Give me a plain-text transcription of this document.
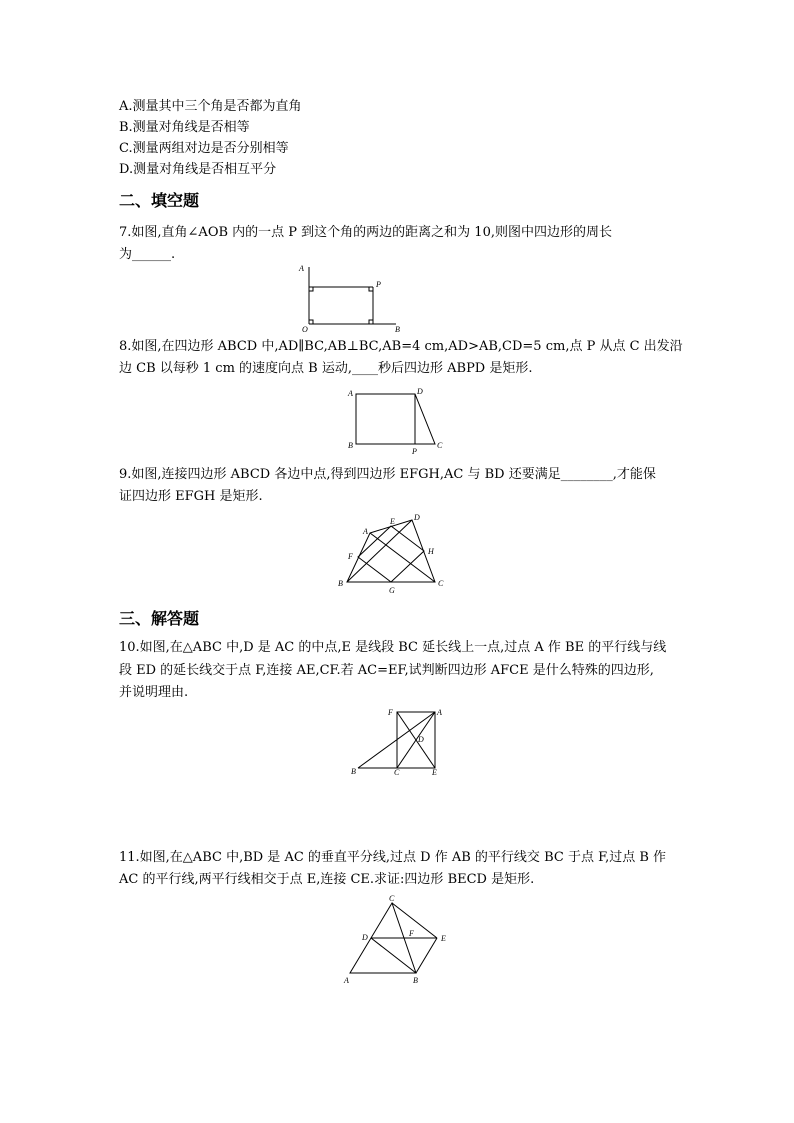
A.测量其中三个角是否都为直角
B.测量对角线是否相等
C.测量两组对边是否分别相等
D.测量对角线是否相互平分
二、填空题
7.如图,直角∠AOB 内的一点 P 到这个角的两边的距离之和为 10,则图中四边形的周长
为______.
A
P
O	B
8.如图,在四边形 ABCD 中,AD∥BC,AB⊥BC,AB=4 cm,AD>AB,CD=5 cm,点 P 从点 C 出发沿
边 CB 以每秒 1 cm 的速度向点 B 运动,____秒后四边形 ABPD 是矩形.
A	D
B
P
C
9.如图,连接四边形 ABCD 各边中点,得到四边形 EFGH,AC 与 BD 还要满足________,才能保
证四边形 EFGH 是矩形.
A
E D
F
H
B
G
C
三、解答题
10.如图,在△ABC 中,D 是 AC 的中点,E 是线段 BC 延长线上一点,过点 A 作 BE 的平行线与线
段 ED 的延长线交于点 F,连接 AE,CF.若 AC=EF,试判断四边形 AFCE 是什么特殊的四边形,
并说明理由.
F	A
D
B	C	E
11.如图,在△ABC 中,BD 是 AC 的垂直平分线,过点 D 作 AB 的平行线交 BC 于点 F,过点 B 作
AC 的平行线,两平行线相交于点 E,连接 CE.求证:四边形 BECD 是矩形.
C
D	F
E
A	B
